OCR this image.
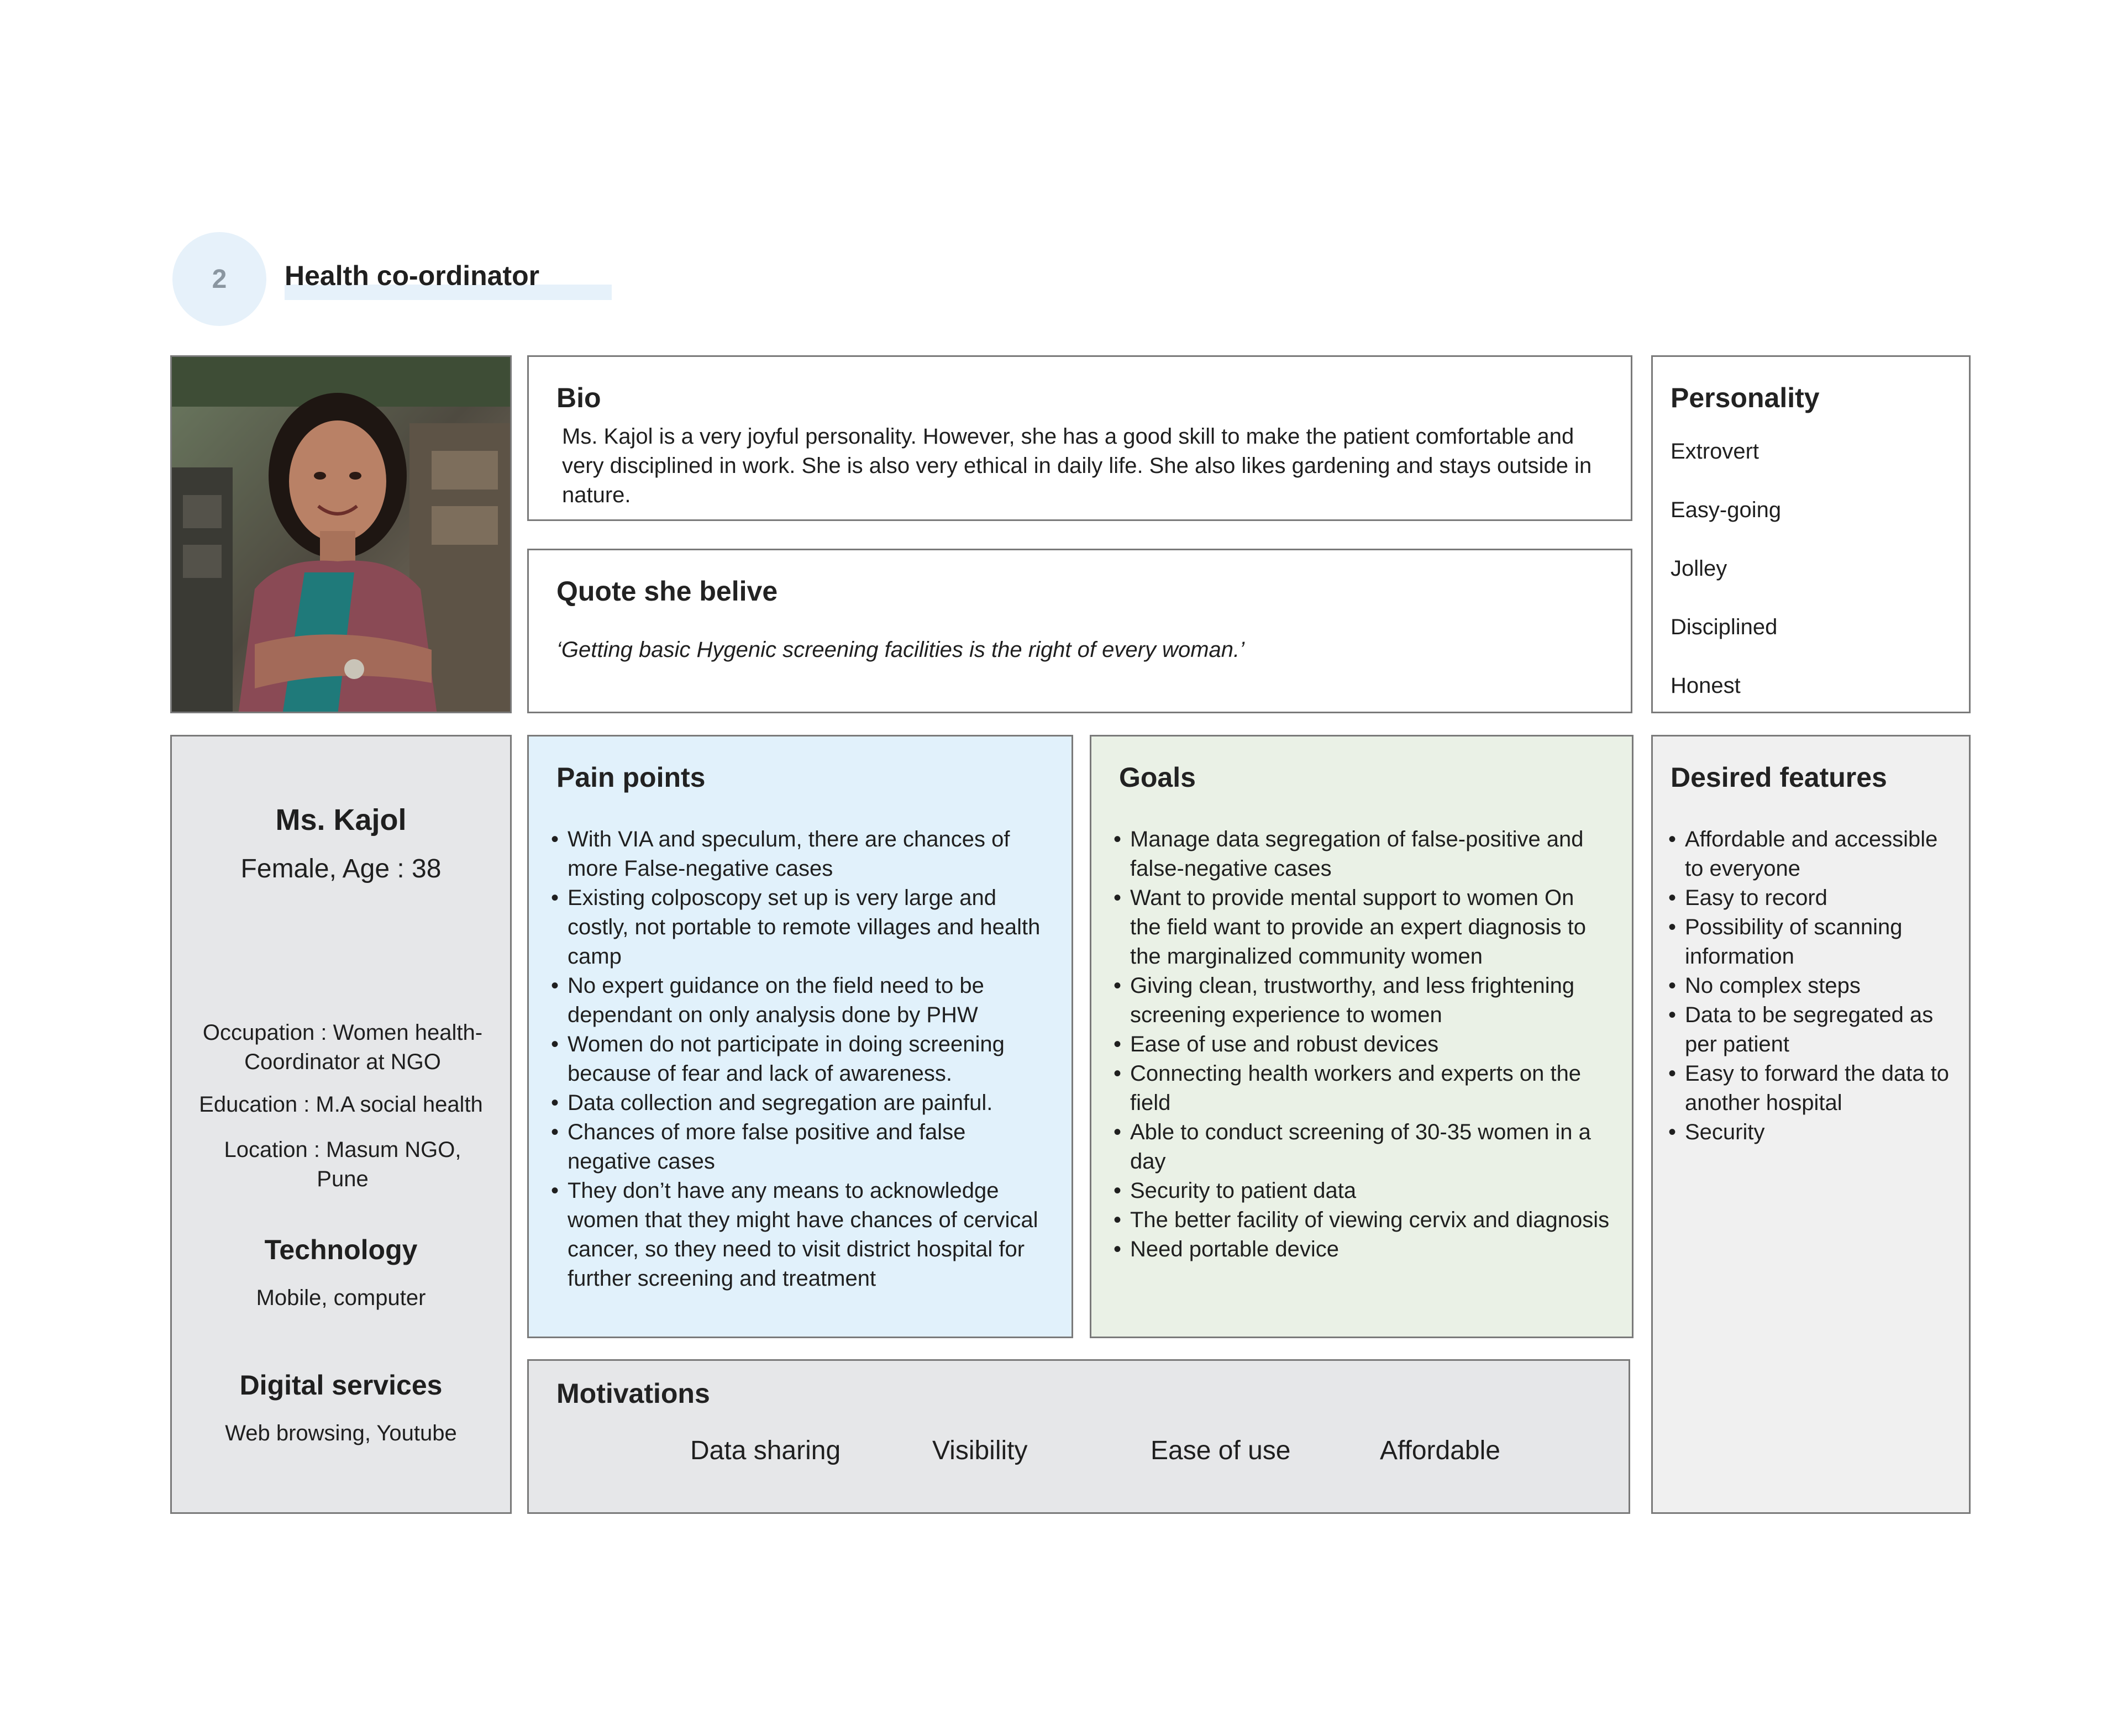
2 Health co-ordinator
Bio
Ms. Kajol is a very joyful personality. However, she has a good skill to make the patient comfortable and very disciplined in work. She is also very ethical in daily life. She also likes gardening and stays outside in nature.
Quote she belive
‘Getting basic Hygenic screening facilities is the right of every woman.’
Personality
Extrovert
Easy-going
Jolley
Disciplined
Honest
Ms. Kajol
Female, Age : 38
Occupation : Women health-Coordinator at NGO
Education : M.A social health
Location : Masum NGO, Pune
Technology
Mobile, computer
Digital services
Web browsing, Youtube
Pain points
• With VIA and speculum, there are chances of more False-negative cases
• Existing colposcopy set up is very large and costly, not portable to remote villages and health camp
• No expert guidance on the field need to be dependant on only analysis done by PHW
• Women do not participate in doing screening because of fear and lack of awareness.
• Data collection and segregation are painful.
• Chances of more false positive and false negative cases
• They don’t have any means to acknowledge women that they might have chances of cervical cancer, so they need to visit district hospital for further screening and treatment
Goals
• Manage data segregation of false-positive and false-negative cases
• Want to provide mental support to women On the field want to provide an expert diagnosis to the marginalized community women
• Giving clean, trustworthy, and less frightening screening experience to women
• Ease of use and robust devices
• Connecting health workers and experts on the field
• Able to conduct screening of 30-35 women in a day
• Security to patient data
• The better facility of viewing cervix and diagnosis
• Need portable device
Desired features
• Affordable and accessible to everyone
• Easy to record
• Possibility of scanning information
• No complex steps
• Data to be segregated as per patient
• Easy to forward the data to another hospital
• Security
Motivations
Data sharing	Visibility	Ease of use	Affordable
